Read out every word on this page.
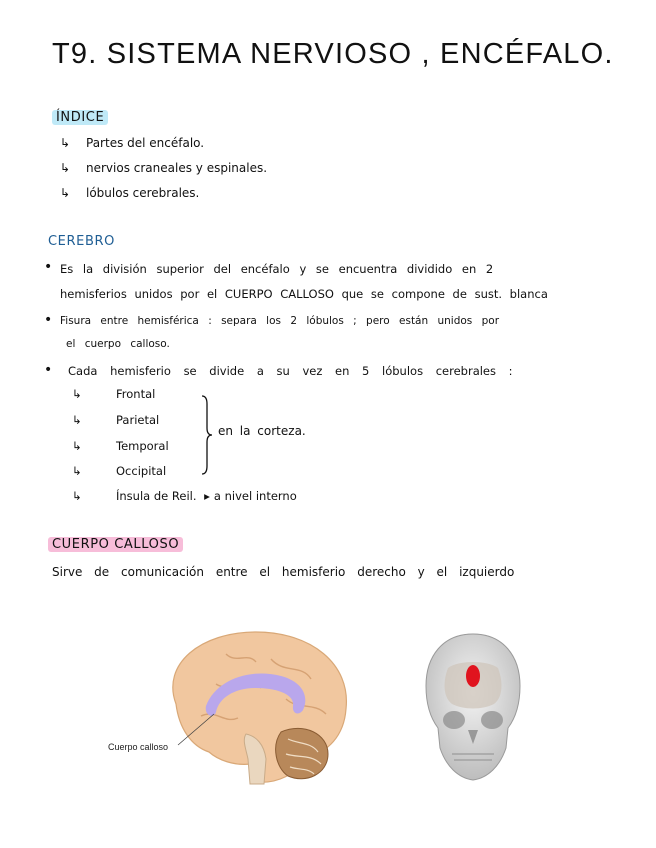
T9. SISTEMA NERVIOSO , ENCÉFALO.
ÍNDICE
↳ Partes del encéfalo.
↳ nervios craneales y espinales.
↳ lóbulos cerebrales.
CEREBRO
• Es la división superior del encéfalo y se encuentra dividido en 2
hemisferios unidos por el CUERPO CALLOSO que se compone de sust. blanca
• Fisura entre hemisférica : separa los 2 lóbulos ; pero están unidos por
el cuerpo calloso.
• Cada hemisferio se divide a su vez en 5 lóbulos cerebrales :
↳	Frontal
↳	Parietal
↳	Temporal
↳	Occipital
↳	Ínsula de Reil. ▸ a nivel interno
en la corteza.
CUERPO CALLOSO
Sirve de comunicación entre el hemisferio derecho y el izquierdo
Cuerpo calloso
